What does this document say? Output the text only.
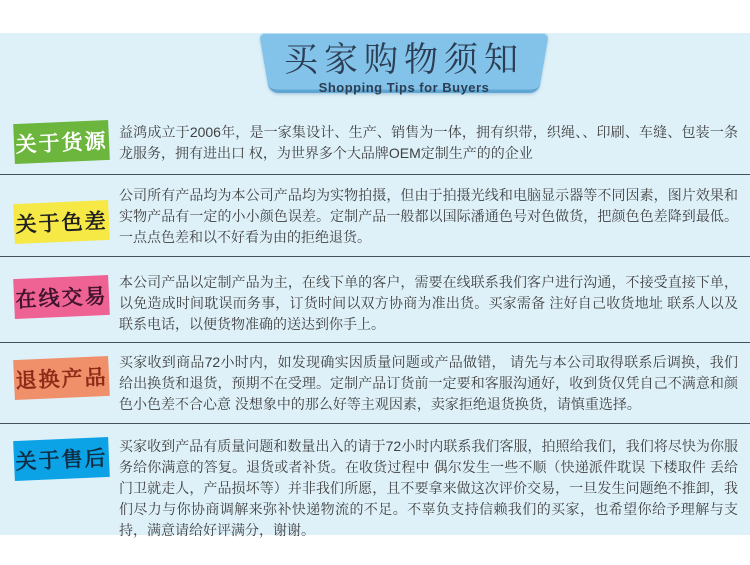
买家购物须知
Shopping Tips for Buyers
关于货源 益鸿成立于2006年，是一家集设计、生产、销售为一体，拥有织带，织绳、、印刷、车缝、包装一条龙服务，拥有进出口 权，为世界多个大品牌OEM定制生产的的企业
关于色差
公司所有产品均为本公司产品均为实物拍摄，但由于拍摄光线和电脑显示器等不同因素，图片效果和实物产品有一定的小小颜色误差。定制产品一般都以国际潘通色号对色做货，把颜色色差降到最低。一点点色差和以不好看为由的拒绝退货。
在线交易
本公司产品以定制产品为主，在线下单的客户，需要在线联系我们客户进行沟通，不接受直接下单，以免造成时间耽误而务事，订货时间以双方协商为准出货。买家需备 注好自己收货地址 联系人以及联系电话，以便货物准确的送达到你手上。
退换产品
买家收到商品72小时内，如发现确实因质量问题或产品做错， 请先与本公司取得联系后调换，我们给出换货和退货，预期不在受理。定制产品订货前一定要和客服沟通好，收到货仅凭自己不满意和颜色小色差不合心意 没想象中的那么好等主观因素，卖家拒绝退货换货，请慎重选择。
关于售后
买家收到产品有质量问题和数量出入的请于72小时内联系我们客服，拍照给我们，我们将尽快为你服务给你满意的答复。退货或者补货。在收货过程中 偶尔发生一些不顺（快递派件耽误 下楼取件 丢给门卫就走人，产品损坏等）并非我们所愿，且不要拿来做这次评价交易，一旦发生问题绝不推卸，我们尽力与你协商调解来弥补快递物流的不足。不辜负支持信赖我们的买家，也希望你给予理解与支持，满意请给好评满分，谢谢。
